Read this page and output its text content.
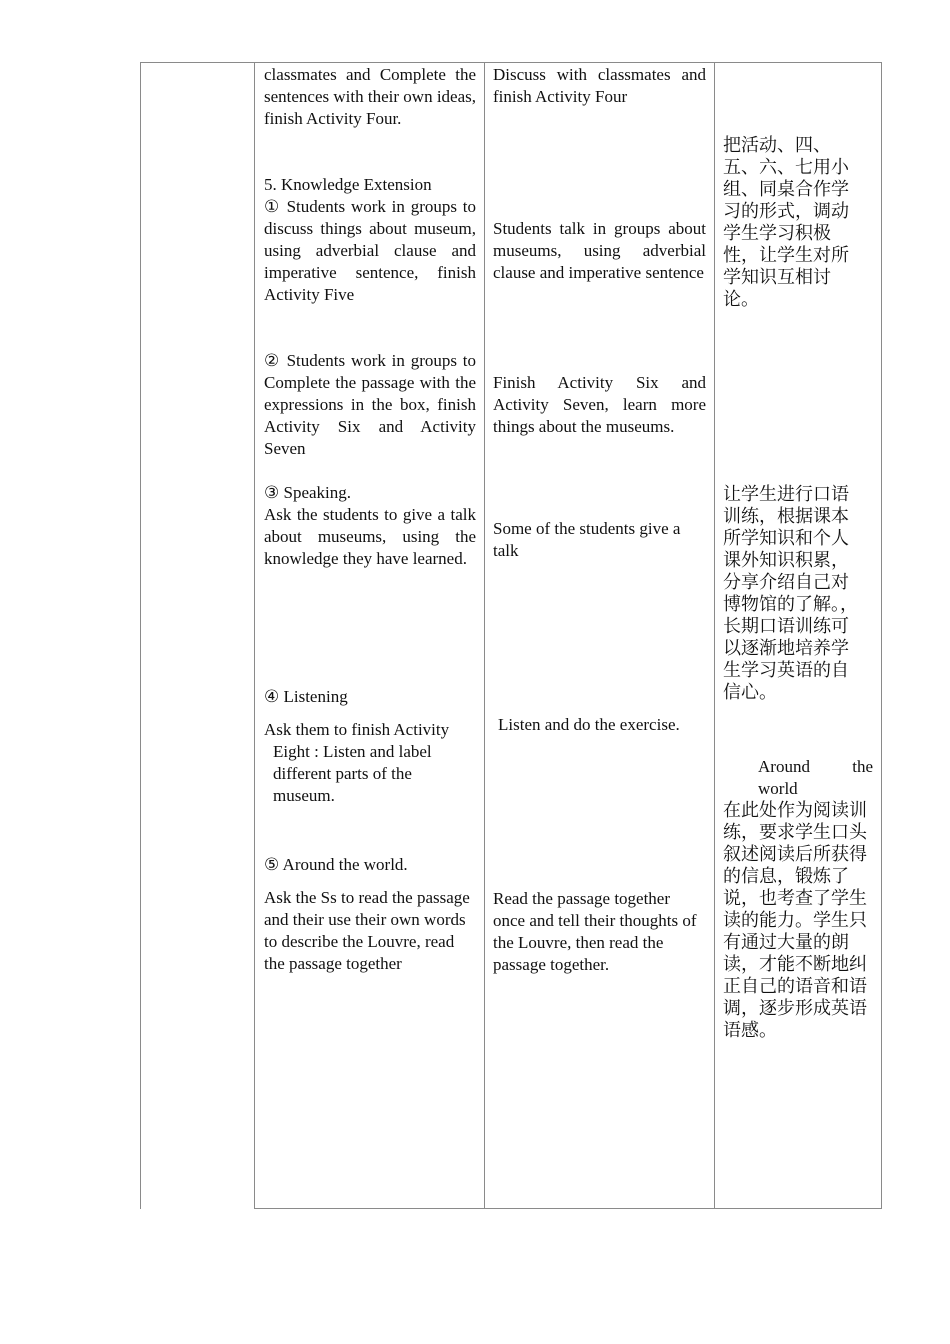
classmates and Complete the sentences with their own ideas, finish Activity Four.

5. Knowledge Extension

① Students work in groups to discuss things about museum, using adverbial clause and imperative sentence, finish Activity Five

② Students work in groups to Complete the passage with the expressions in the box, finish Activity Six and Activity Seven

③ Speaking.

Ask the students to give a talk about museums, using the knowledge they have learned.

④ Listening

Ask them to finish Activity

Eight : Listen and label different parts of the museum.

⑤ Around the world.

Ask the Ss to read the passage and their use their own words to describe the Louvre, read the passage together

Discuss with classmates and finish Activity Four

Students talk in groups about museums, using adverbial clause and imperative sentence

Finish Activity Six and Activity Seven, learn more things about the museums.

Some of the students give a talk

Listen and do the exercise.

Read the passage together once and tell their thoughts of the Louvre, then read the passage together.

把活动、四、五、六、七用小组、同桌合作学习的形式，调动学生学习积极性，让学生对所学知识互相讨论。

让学生进行口语训练，根据课本所学知识和个人课外知识积累，分享介绍自己对博物馆的了解。，长期口语训练可以逐渐地培养学生学习英语的自信心。

Around the world在此处作为阅读训练，要求学生口头叙述阅读后所获得的信息，锻炼了说，也考查了学生读的能力。学生只有通过大量的朗读，才能不断地纠正自己的语音和语调，逐步形成英语语感。
